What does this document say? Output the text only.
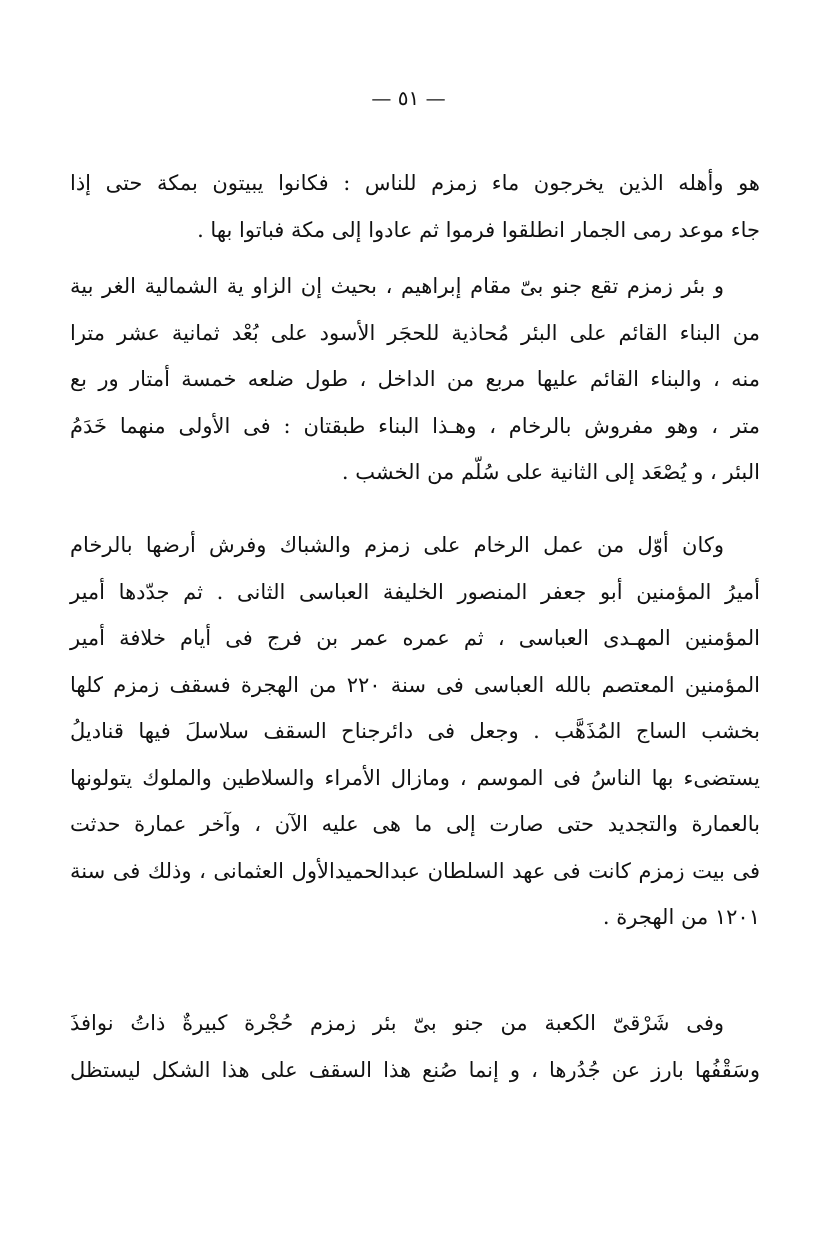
— ٥١ —
هو وأهله الذين يخرجون ماء زمزم للناس : فكانوا يبيتون بمكة حتى إذا
جاء موعد رمى الجمار انطلقوا فرموا ثم عادوا إلى مكة فباتوا بها .
و بئر زمزم تقع جنو بىّ مقام إبراهيم ، بحيث إن الزاو ية الشمالية الغر بية
من البناء القائم على البئر مُحاذية للحجَر الأسود على بُعْد ثمانية عشر مترا
منه ، والبناء القائم عليها مربع من الداخل ، طول ضلعه خمسة أمتار ور بع
متر ، وهو مفروش بالرخام ، وهـذا البناء طبقتان : فى الأولى منهما خَدَمُ
البئر ، و يُصْعَد إلى الثانية على سُلّم من الخشب .
وكان أوّل من عمل الرخام على زمزم والشباك وفرش أرضها بالرخام
أميرُ المؤمنين أبو جعفر المنصور الخليفة العباسى الثانى . ثم جدّدها أمير
المؤمنين المهـدى العباسى ، ثم عمره عمر بن فرج فى أيام خلافة أمير
المؤمنين المعتصم بالله العباسى فى سنة ٢٢٠ من الهجرة فسقف زمزم كلها
بخشب الساج المُذَهَّب . وجعل فى دائرجناح السقف سلاسلَ فيها قناديلُ
يستضىء بها الناسُ فى الموسم ، ومازال الأمراء والسلاطين والملوك يتولونها
بالعمارة والتجديد حتى صارت إلى ما هى عليه الآن ، وآخر عمارة حدثت
فى بيت زمزم كانت فى عهد السلطان عبدالحميدالأول العثمانى ، وذلك فى سنة
١٢٠١ من الهجرة .
وفى شَرْقىّ الكعبة من جنو بىّ بئر زمزم حُجْرة كبيرةٌ ذاتُ نوافذَ
وسَقْفُها بارز عن جُدُرها ، و إنما صُنع هذا السقف على هذا الشكل ليستظل
